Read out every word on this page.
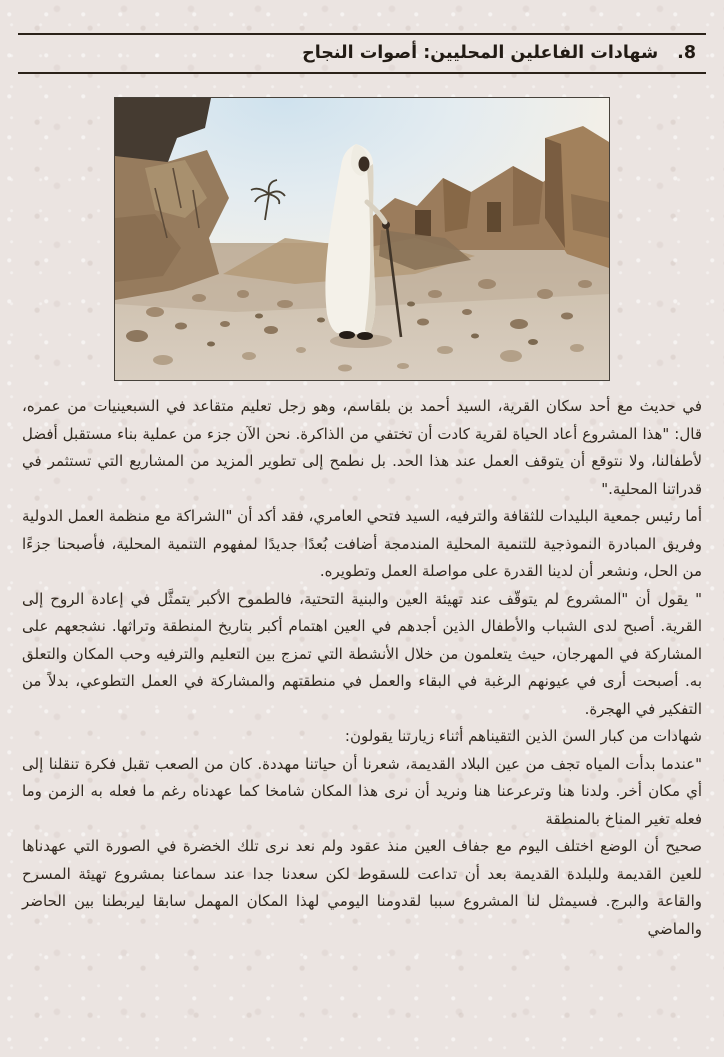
8.
شهادات الفاعلين المحليين: أصوات النجاح

في حديث مع أحد سكان القرية، السيد أحمد بن بلقاسم، وهو رجل تعليم متقاعد في السبعينيات من عمره، قال: "هذا المشروع أعاد الحياة لقرية كادت أن تختفي من الذاكرة. نحن الآن جزء من عملية بناء مستقبل أفضل لأطفالنا، ولا نتوقع أن يتوقف العمل عند هذا الحد. بل نطمح إلى تطوير المزيد من المشاريع التي تستثمر في قدراتنا المحلية."

أما رئيس جمعية البليدات للثقافة والترفيه، السيد فتحي العامري، فقد أكد أن "الشراكة مع منظمة العمل الدولية وفريق المبادرة النموذجية للتنمية المحلية المندمجة أضافت بُعدًا جديدًا لمفهوم التنمية المحلية، فأصبحنا جزءًا من الحل، ونشعر أن لدينا القدرة على مواصلة العمل وتطويره.

" يقول أن "المشروع لم يتوقّف عند تهيئة العين والبنية التحتية، فالطموح الأكبر يتمثَّل في إعادة الروح إلى القرية. أصبح لدى الشباب والأطفال الذين أجدهم في العين اهتمام أكبر بتاريخ المنطقة وتراثها. نشجعهم على المشاركة في المهرجان، حيث يتعلمون من خلال الأنشطة التي تمزج بين التعليم والترفيه وحب المكان والتعلق به. أصبحت أرى في عيونهم الرغبة في البقاء والعمل في منطقتهم والمشاركة في العمل التطوعي، بدلاً من التفكير في الهجرة.

شهادات من كبار السن الذين التقيناهم أثناء زيارتنا يقولون:

"عندما بدأت المياه تجف من عين البلاد القديمة، شعرنا أن حياتنا مهددة. كان من الصعب تقبل فكرة تنقلنا إلى أي مكان أخر. ولدنا هنا وترعرعنا هنا ونريد أن نرى هذا المكان شامخا كما عهدناه رغم ما فعله به الزمن وما فعله تغير المناخ بالمنطقة

صحيح أن الوضع اختلف اليوم مع جفاف العين منذ عقود ولم نعد نرى تلك الخضرة في الصورة التي عهدناها للعين القديمة وللبلدة القديمة بعد أن تداعت للسقوط لكن سعدنا جدا عند سماعنا بمشروع تهيئة المسرح والقاعة والبرج. فسيمثل لنا المشروع سببا لقدومنا اليومي لهذا المكان المهمل سابقا ليربطنا بين الحاضر والماضي
